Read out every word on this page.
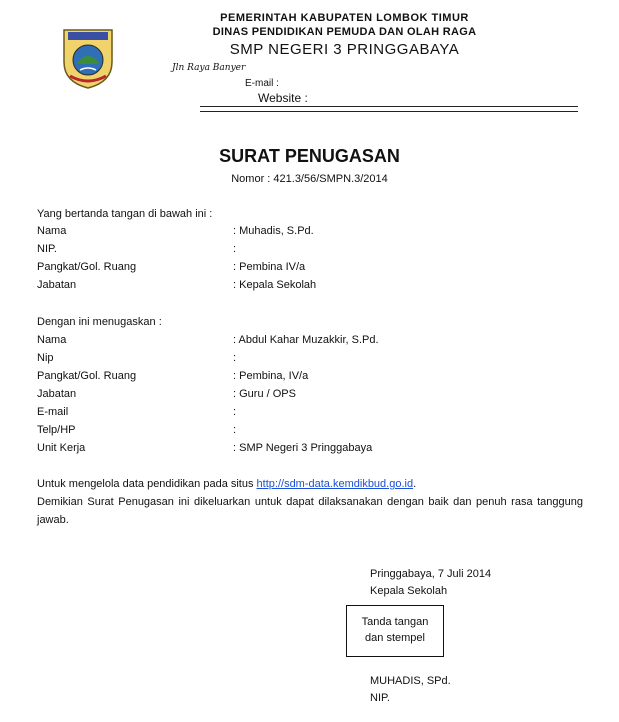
PEMERINTAH KABUPATEN LOMBOK TIMUR
DINAS PENDIDIKAN PEMUDA DAN OLAH RAGA
SMP NEGERI 3 PRINGGABAYA
Jln Raya Banyer
E-mail :
Website :
SURAT PENUGASAN
Nomor : 421.3/56/SMPN.3/2014
Yang bertanda tangan di bawah ini :
Nama	: Muhadis, S.Pd.
NIP.	:
Pangkat/Gol. Ruang	: Pembina IV/a
Jabatan	: Kepala Sekolah
Dengan ini menugaskan :
Nama	: Abdul Kahar Muzakkir, S.Pd.
Nip	:
Pangkat/Gol. Ruang	: Pembina, IV/a
Jabatan	: Guru / OPS
E-mail	:
Telp/HP	:
Unit Kerja	: SMP Negeri 3 Pringgabaya
Untuk mengelola data pendidikan pada situs http://sdm-data.kemdikbud.go.id.
Demikian Surat Penugasan ini dikeluarkan untuk dapat dilaksanakan dengan baik dan penuh rasa tanggung jawab.
Pringgabaya, 7 Juli 2014
Kepala Sekolah
Tanda tangan
dan stempel
MUHADIS, SPd.
NIP.
